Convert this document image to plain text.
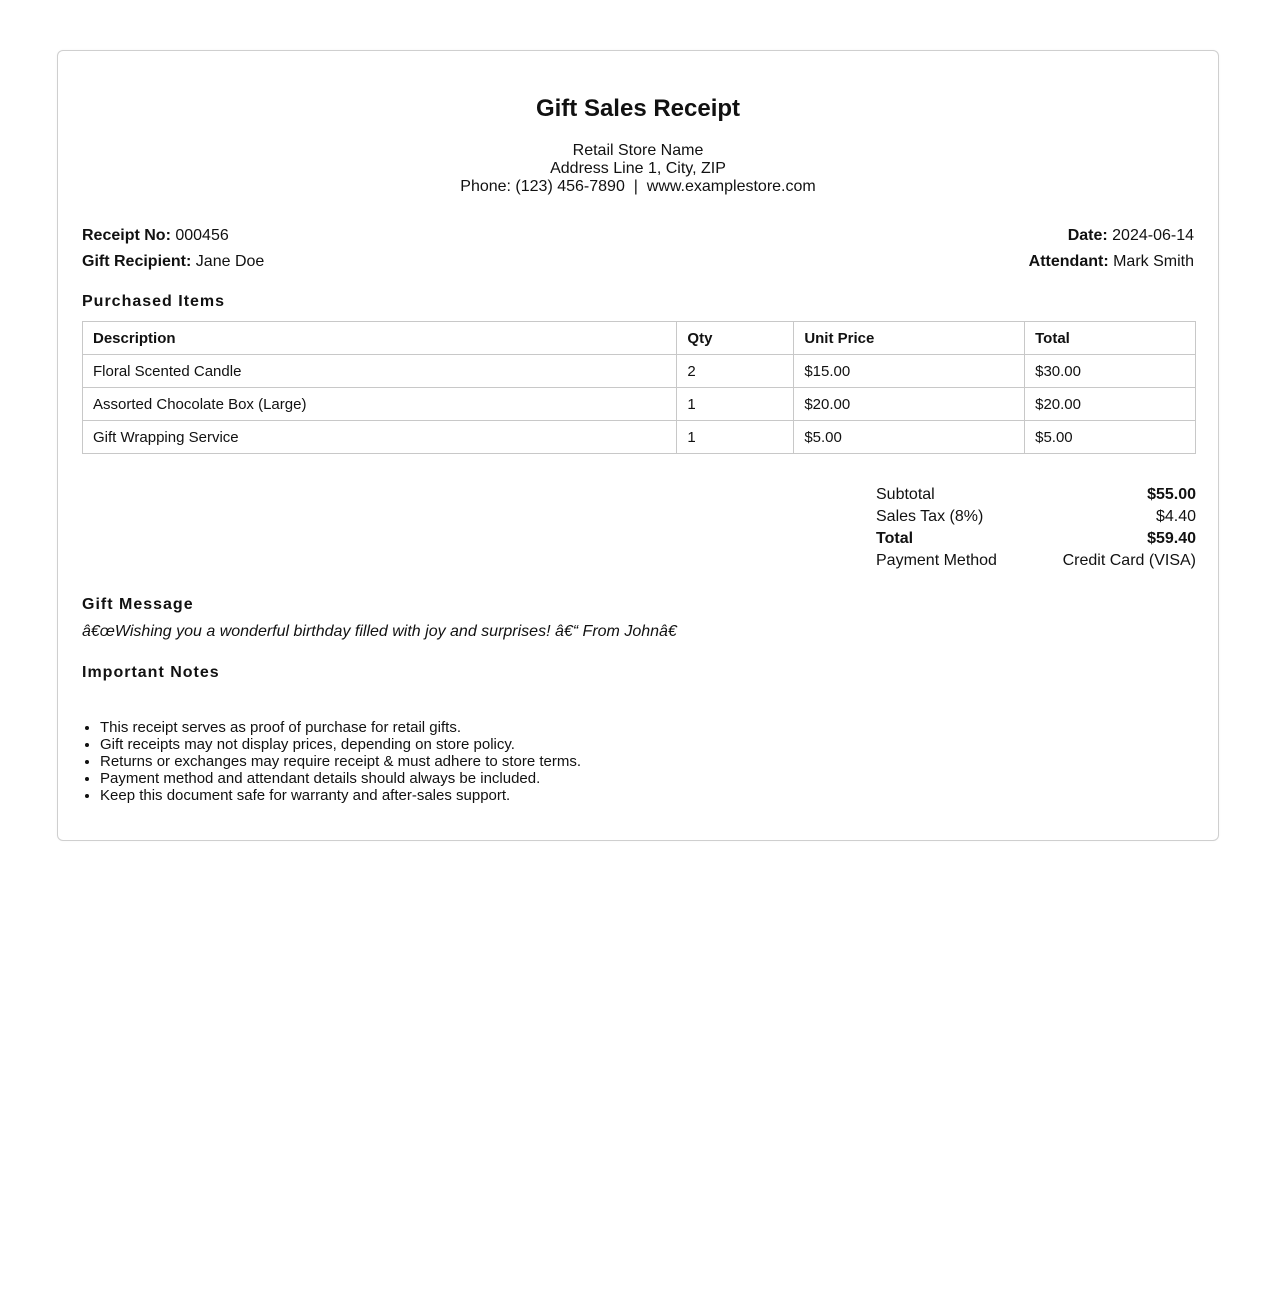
Gift Sales Receipt
Retail Store Name
Address Line 1, City, ZIP
Phone: (123) 456-7890  |  www.examplestore.com
Receipt No: 000456	Date: 2024-06-14
Gift Recipient: Jane Doe	Attendant: Mark Smith
Purchased Items
Description	Qty	Unit Price	Total
Floral Scented Candle	2	$15.00	$30.00
Assorted Chocolate Box (Large)	1	$20.00	$20.00
Gift Wrapping Service	1	$5.00	$5.00
Subtotal	$55.00
Sales Tax (8%)	$4.40
Total	$59.40
Payment Method	Credit Card (VISA)
Gift Message
â€œWishing you a wonderful birthday filled with joy and surprises! â€“ From Johnâ€
Important Notes
• This receipt serves as proof of purchase for retail gifts.
• Gift receipts may not display prices, depending on store policy.
• Returns or exchanges may require receipt & must adhere to store terms.
• Payment method and attendant details should always be included.
• Keep this document safe for warranty and after-sales support.
